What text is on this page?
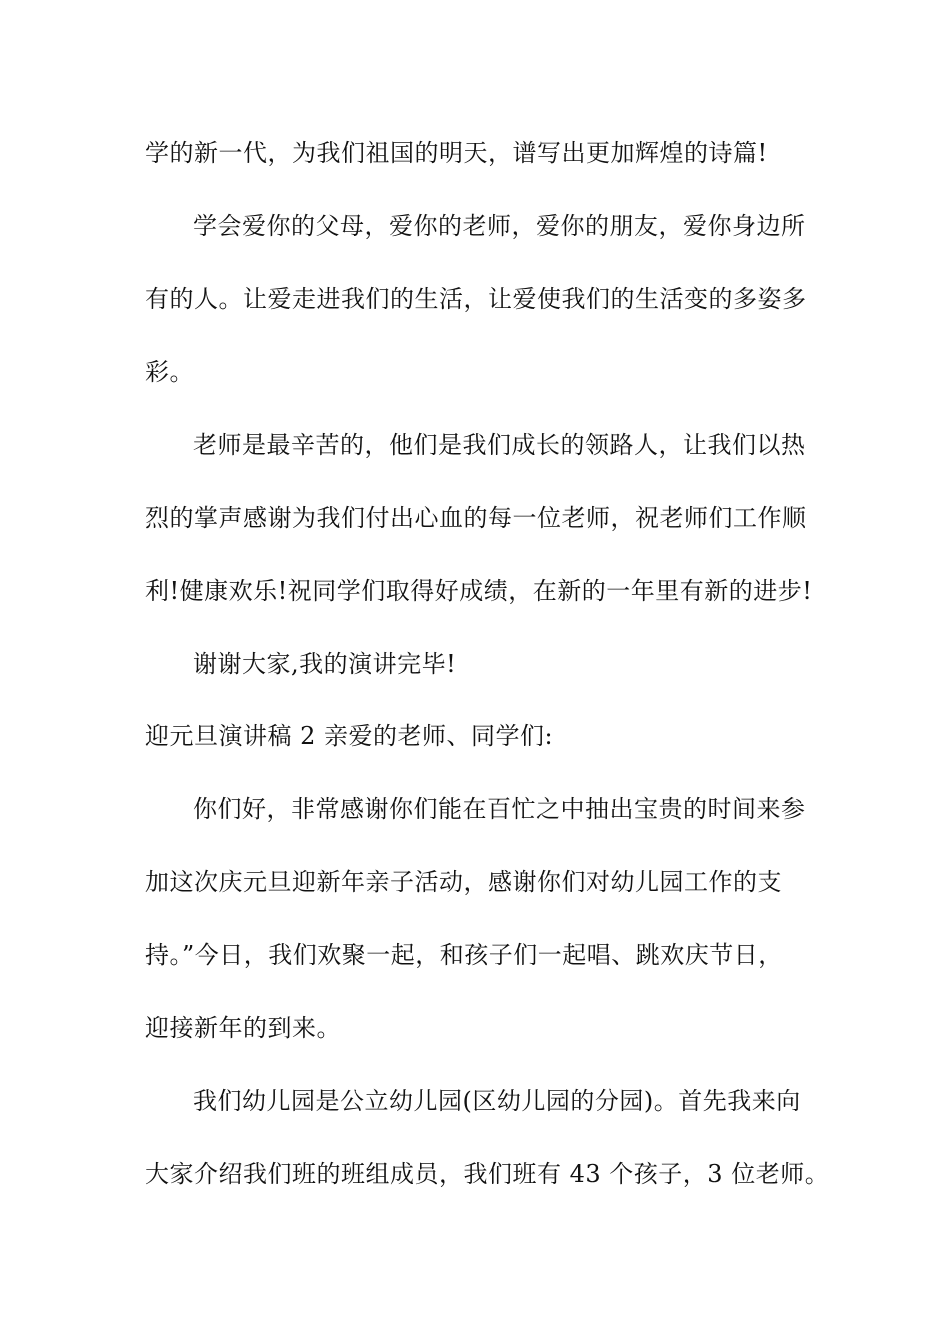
学的新一代，为我们祖国的明天，谱写出更加辉煌的诗篇!
学会爱你的父母，爱你的老师，爱你的朋友，爱你身边所
有的人。让爱走进我们的生活，让爱使我们的生活变的多姿多
彩。
老师是最辛苦的，他们是我们成长的领路人，让我们以热
烈的掌声感谢为我们付出心血的每一位老师，祝老师们工作顺
利!健康欢乐!祝同学们取得好成绩，在新的一年里有新的进步!
谢谢大家,我的演讲完毕!
迎元旦演讲稿 2 亲爱的老师、同学们:
你们好，非常感谢你们能在百忙之中抽出宝贵的时间来参
加这次庆元旦迎新年亲子活动，感谢你们对幼儿园工作的支
持。”今日，我们欢聚一起，和孩子们一起唱、跳欢庆节日，
迎接新年的到来。
我们幼儿园是公立幼儿园(区幼儿园的分园)。首先我来向
大家介绍我们班的班组成员，我们班有 43 个孩子，3 位老师。
